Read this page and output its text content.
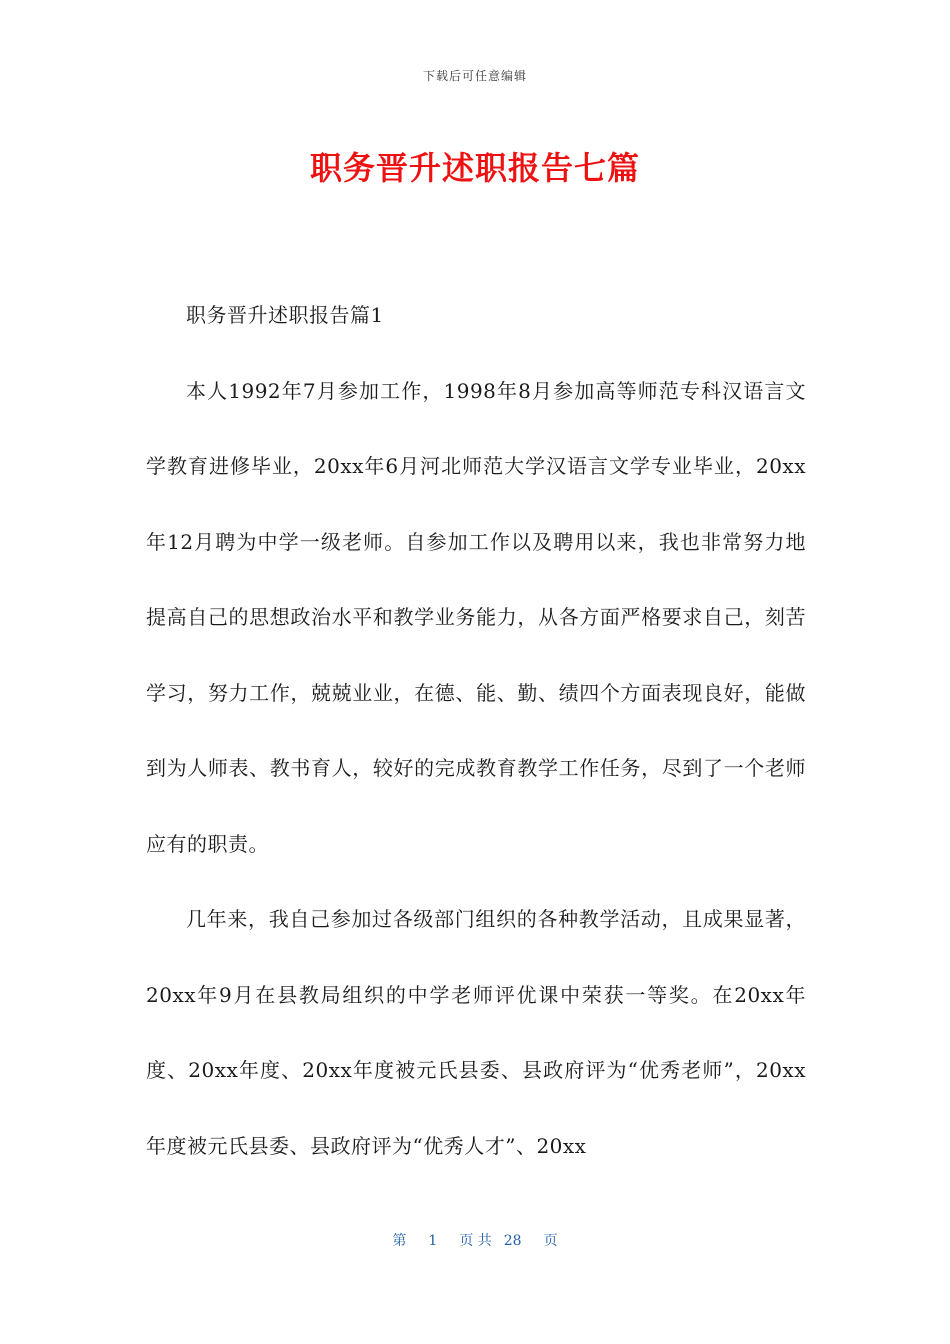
下载后可任意编辑
职务晋升述职报告七篇

职务晋升述职报告篇1

本人1992年7月参加工作，1998年8月参加高等师范专科汉语言文学教育进修毕业，20xx年6月河北师范大学汉语言文学专业毕业，20xx年12月聘为中学一级老师。自参加工作以及聘用以来，我也非常努力地提高自己的思想政治水平和教学业务能力，从各方面严格要求自己，刻苦学习，努力工作，兢兢业业，在德、能、勤、绩四个方面表现良好，能做到为人师表、教书育人，较好的完成教育教学工作任务，尽到了一个老师应有的职责。

几年来，我自己参加过各级部门组织的各种教学活动，且成果显著，20xx年9月在县教局组织的中学老师评优课中荣获一等奖。在20xx年度、20xx年度、20xx年度被元氏县委、县政府评为“优秀老师”，20xx年度被元氏县委、县政府评为“优秀人才”、20xx

第 1 页 共 28 页
